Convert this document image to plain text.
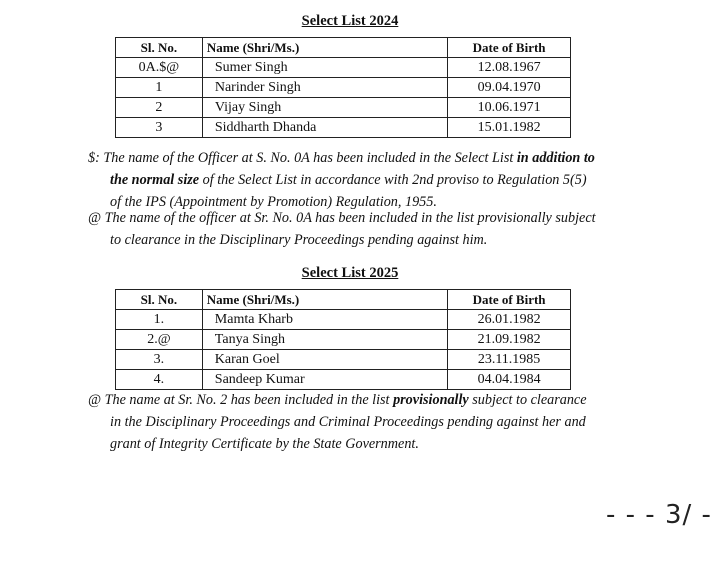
Select List 2024
Sl. No.	Name (Shri/Ms.)	Date of Birth
0A.$@	Sumer Singh	12.08.1967
1	Narinder Singh	09.04.1970
2	Vijay Singh	10.06.1971
3	Siddharth Dhanda	15.01.1982
$: The name of the Officer at S. No. 0A has been included in the Select List in addition to
the normal size of the Select List in accordance with 2nd proviso to Regulation 5(5)
of the IPS (Appointment by Promotion) Regulation, 1955.
@ The name of the officer at Sr. No. 0A has been included in the list provisionally subject
to clearance in the Disciplinary Proceedings pending against him.
Select List 2025
Sl. No.	Name (Shri/Ms.)	Date of Birth
1.	Mamta Kharb	26.01.1982
2.@	Tanya Singh	21.09.1982
3.	Karan Goel	23.11.1985
4.	Sandeep Kumar	04.04.1984
@ The name at Sr. No. 2 has been included in the list provisionally subject to clearance
in the Disciplinary Proceedings and Criminal Proceedings pending against her and
grant of Integrity Certificate by the State Government.
- - - 3/ -
